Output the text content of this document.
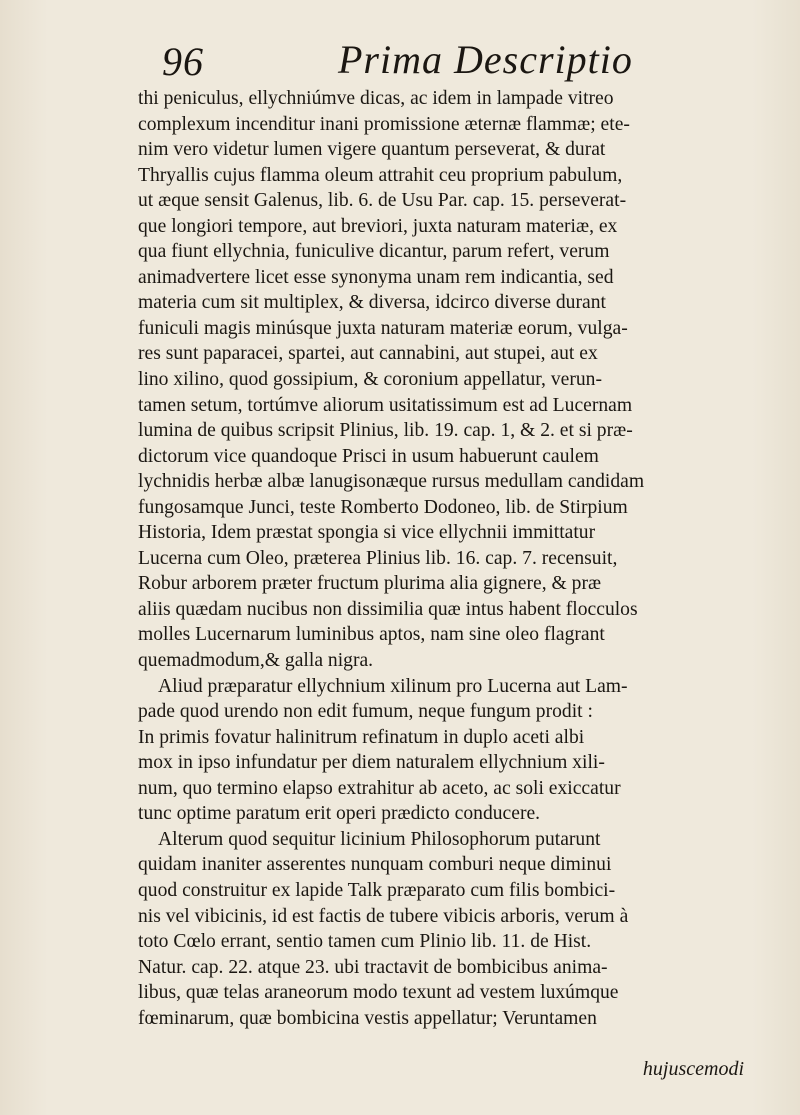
96	Prima Descriptio
thi peniculus, ellychniúmve dicas, ac idem in lampade vitreo
complexum incenditur inani promissione æternæ flammæ; ete-
nim vero videtur lumen vigere quantum perseverat, & durat
Thryallis cujus flamma oleum attrahit ceu proprium pabulum,
ut æque sensit Galenus, lib. 6. de Usu Par. cap. 15. perseverat-
que longiori tempore, aut breviori, juxta naturam materiæ, ex
qua fiunt ellychnia, funiculive dicantur, parum refert, verum
animadvertere licet esse synonyma unam rem indicantia, sed
materia cum sit multiplex, & diversa, idcirco diverse durant
funiculi magis minúsque juxta naturam materiæ eorum, vulga-
res sunt paparacei, spartei, aut cannabini, aut stupei, aut ex
lino xilino, quod gossipium, & coronium appellatur, verun-
tamen setum, tortúmve aliorum usitatissimum est ad Lucernam
lumina de quibus scripsit Plinius, lib. 19. cap. 1, & 2. et si præ-
dictorum vice quandoque Prisci in usum habuerunt caulem
lychnidis herbæ albæ lanugisonæque rursus medullam candidam
fungosamque Junci, teste Romberto Dodoneo, lib. de Stirpium
Historia, Idem præstat spongia si vice ellychnii immittatur
Lucerna cum Oleo, præterea Plinius lib. 16. cap. 7. recensuit,
Robur arborem præter fructum plurima alia gignere, & præ
aliis quædam nucibus non dissimilia quæ intus habent flocculos
molles Lucernarum luminibus aptos, nam sine oleo flagrant
quemadmodum,& galla nigra.
Aliud præparatur ellychnium xilinum pro Lucerna aut Lam-
pade quod urendo non edit fumum, neque fungum prodit :
In primis fovatur halinitrum refinatum in duplo aceti albi
mox in ipso infundatur per diem naturalem ellychnium xili-
num, quo termino elapso extrahitur ab aceto, ac soli exiccatur
tunc optime paratum erit operi prædicto conducere.
Alterum quod sequitur licinium Philosophorum putarunt
quidam inaniter asserentes nunquam comburi neque diminui
quod construitur ex lapide Talk præparato cum filis bombici-
nis vel vibicinis, id est factis de tubere vibicis arboris, verum à
toto Cœlo errant, sentio tamen cum Plinio lib. 11. de Hist.
Natur. cap. 22. atque 23. ubi tractavit de bombicibus anima-
libus, quæ telas araneorum modo texunt ad vestem luxúmque
fœminarum, quæ bombicina vestis appellatur; Veruntamen
hujuscemodi
